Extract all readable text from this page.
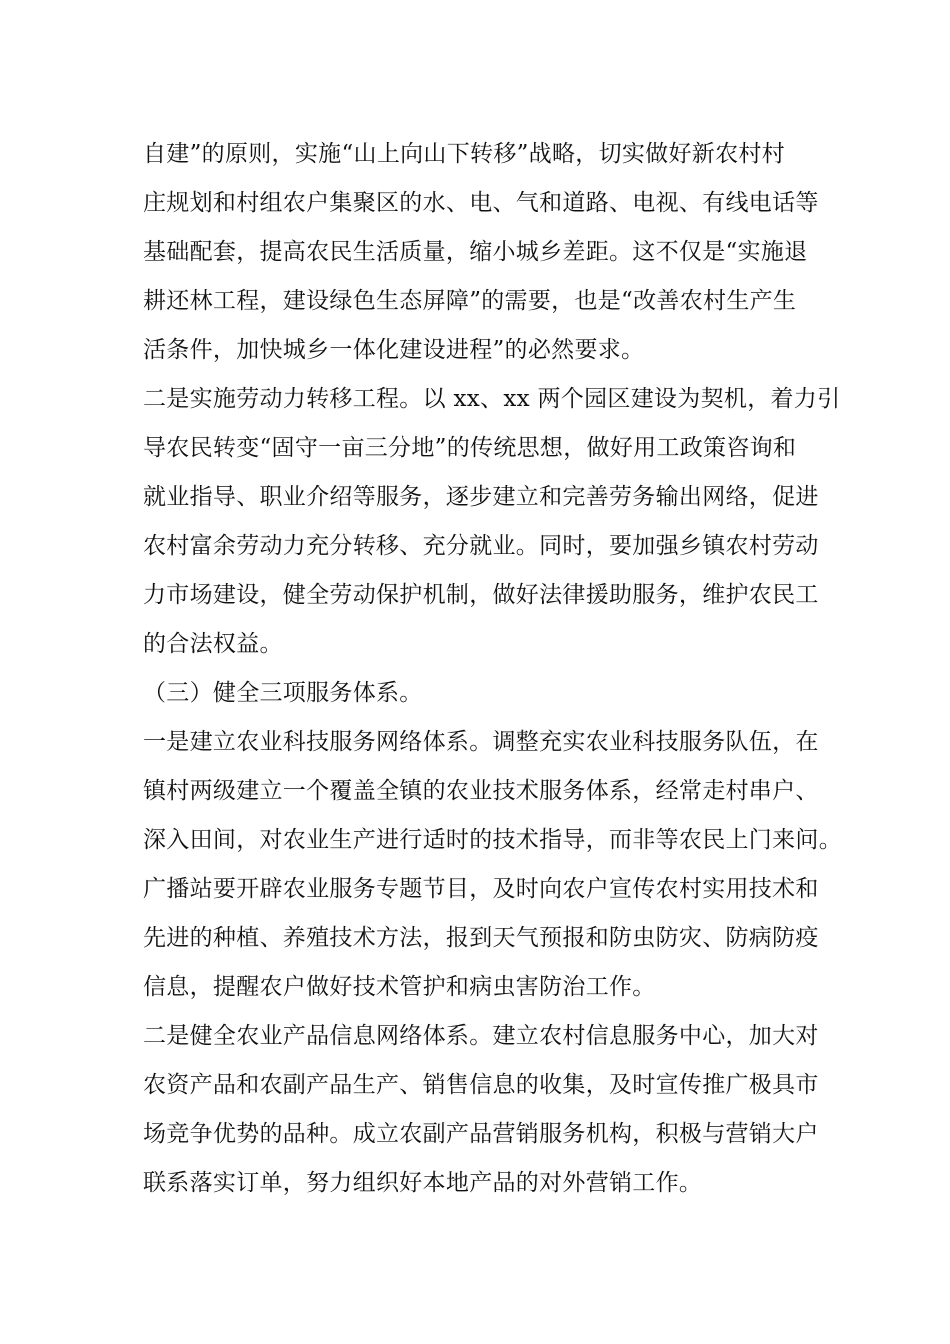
自建”的原则，实施“山上向山下转移”战略，切实做好新农村村
庄规划和村组农户集聚区的水、电、气和道路、电视、有线电话等
基础配套，提高农民生活质量，缩小城乡差距。这不仅是“实施退
耕还林工程，建设绿色生态屏障”的需要，也是“改善农村生产生
活条件，加快城乡一体化建设进程”的必然要求。
二是实施劳动力转移工程。以 xx、xx 两个园区建设为契机，着力引
导农民转变“固守一亩三分地”的传统思想，做好用工政策咨询和
就业指导、职业介绍等服务，逐步建立和完善劳务输出网络，促进
农村富余劳动力充分转移、充分就业。同时，要加强乡镇农村劳动
力市场建设，健全劳动保护机制，做好法律援助服务，维护农民工
的合法权益。
（三）健全三项服务体系。
一是建立农业科技服务网络体系。调整充实农业科技服务队伍，在
镇村两级建立一个覆盖全镇的农业技术服务体系，经常走村串户、
深入田间，对农业生产进行适时的技术指导，而非等农民上门来问。
广播站要开辟农业服务专题节目，及时向农户宣传农村实用技术和
先进的种植、养殖技术方法，报到天气预报和防虫防灾、防病防疫
信息，提醒农户做好技术管护和病虫害防治工作。
二是健全农业产品信息网络体系。建立农村信息服务中心，加大对
农资产品和农副产品生产、销售信息的收集，及时宣传推广极具市
场竞争优势的品种。成立农副产品营销服务机构，积极与营销大户
联系落实订单，努力组织好本地产品的对外营销工作。
